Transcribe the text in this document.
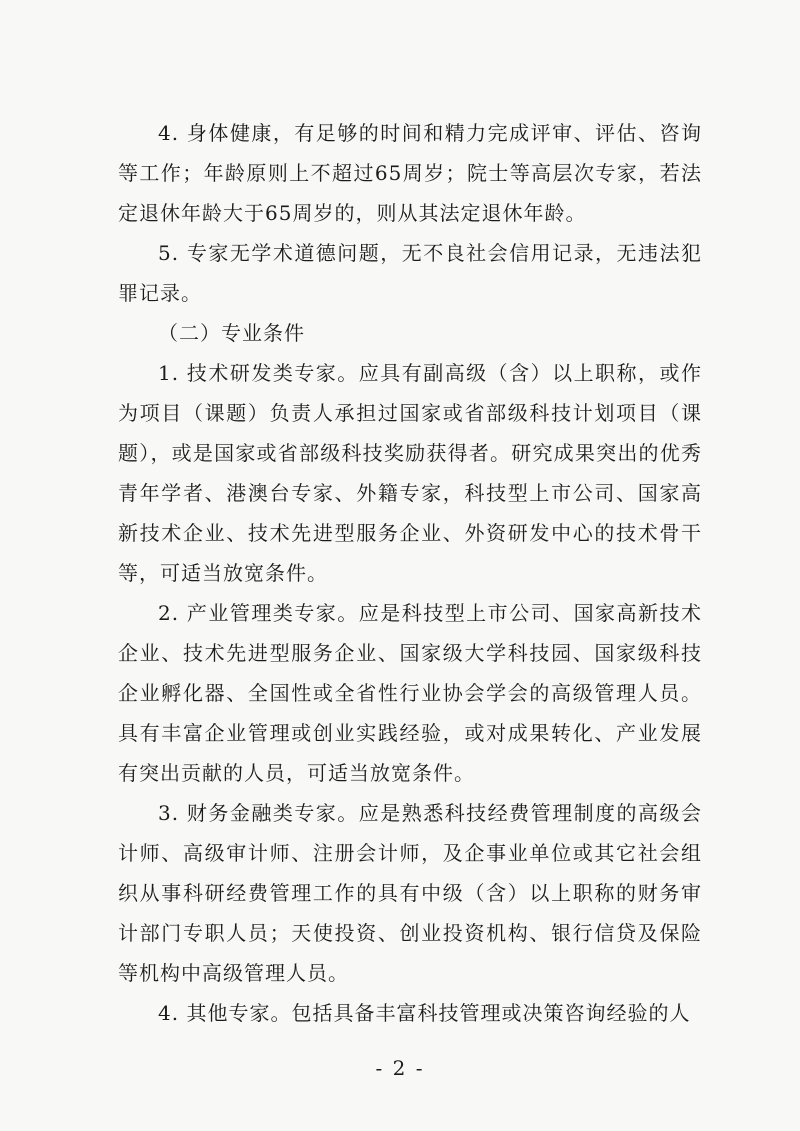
4. 身体健康，有足够的时间和精力完成评审、评估、咨询等工作；年龄原则上不超过65周岁；院士等高层次专家，若法定退休年龄大于65周岁的，则从其法定退休年龄。

5. 专家无学术道德问题，无不良社会信用记录，无违法犯罪记录。

（二）专业条件

1. 技术研发类专家。应具有副高级（含）以上职称，或作为项目（课题）负责人承担过国家或省部级科技计划项目（课题），或是国家或省部级科技奖励获得者。研究成果突出的优秀青年学者、港澳台专家、外籍专家，科技型上市公司、国家高新技术企业、技术先进型服务企业、外资研发中心的技术骨干等，可适当放宽条件。

2. 产业管理类专家。应是科技型上市公司、国家高新技术企业、技术先进型服务企业、国家级大学科技园、国家级科技企业孵化器、全国性或全省性行业协会学会的高级管理人员。具有丰富企业管理或创业实践经验，或对成果转化、产业发展有突出贡献的人员，可适当放宽条件。

3. 财务金融类专家。应是熟悉科技经费管理制度的高级会计师、高级审计师、注册会计师，及企事业单位或其它社会组织从事科研经费管理工作的具有中级（含）以上职称的财务审计部门专职人员；天使投资、创业投资机构、银行信贷及保险等机构中高级管理人员。

4. 其他专家。包括具备丰富科技管理或决策咨询经验的人

- 2 -
